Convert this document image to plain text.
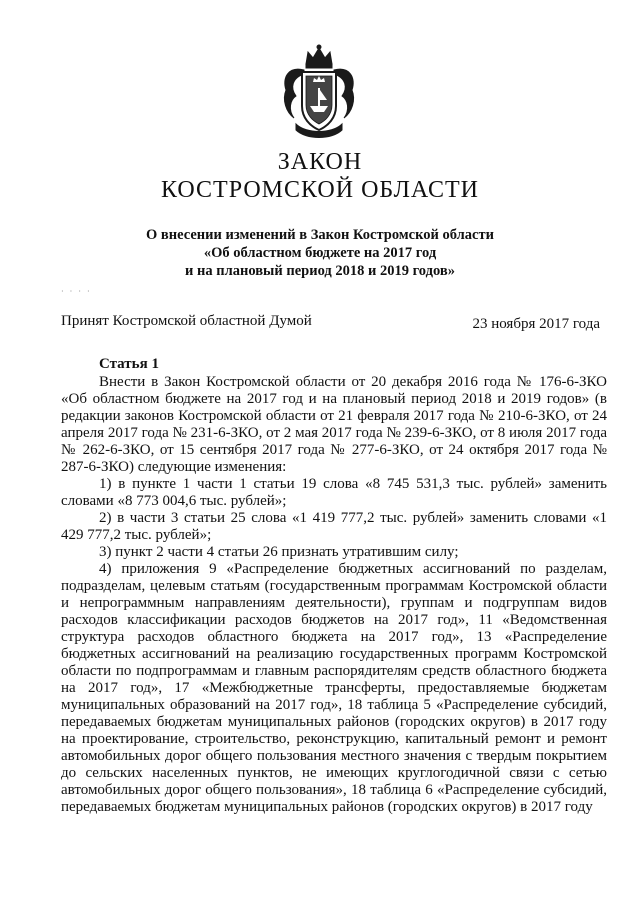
ЗАКОН
КОСТРОМСКОЙ ОБЛАСТИ
О внесении изменений в Закон Костромской области
«Об областном бюджете на 2017 год
и на плановый период 2018 и 2019 годов»
· · · ·
Принят Костромской областной Думой	23 ноября 2017 года
Статья 1

Внести в Закон Костромской области от 20 декабря 2016 года № 176-6-ЗКО «Об областном бюджете на 2017 год и на плановый период 2018 и 2019 годов» (в редакции законов Костромской области от 21 февраля 2017 года № 210-6-ЗКО, от 24 апреля 2017 года № 231-6-ЗКО, от 2 мая 2017 года № 239-6-ЗКО, от 8 июля 2017 года № 262-6-ЗКО, от 15 сентября 2017 года № 277-6-ЗКО, от 24 октября 2017 года № 287-6-ЗКО) следующие изменения:

1) в пункте 1 части 1 статьи 19 слова «8 745 531,3 тыс. рублей» заменить словами «8 773 004,6 тыс. рублей»;

2) в части 3 статьи 25 слова «1 419 777,2 тыс. рублей» заменить словами «1 429 777,2 тыс. рублей»;

3) пункт 2 части 4 статьи 26 признать утратившим силу;

4) приложения 9 «Распределение бюджетных ассигнований по разделам, подразделам, целевым статьям (государственным программам Костромской области и непрограммным направлениям деятельности), группам и подгруппам видов расходов классификации расходов бюджетов на 2017 год», 11 «Ведомственная структура расходов областного бюджета на 2017 год», 13 «Распределение бюджетных ассигнований на реализацию государственных программ Костромской области по подпрограммам и главным распорядителям средств областного бюджета на 2017 год», 17 «Межбюджетные трансферты, предоставляемые бюджетам муниципальных образований на 2017 год», 18 таблица 5 «Распределение субсидий, передаваемых бюджетам муниципальных районов (городских округов) в 2017 году на проектирование, строительство, реконструкцию, капитальный ремонт и ремонт автомобильных дорог общего пользования местного значения с твердым покрытием до сельских населенных пунктов, не имеющих круглогодичной связи с сетью автомобильных дорог общего пользования», 18 таблица 6 «Распределение субсидий, передаваемых бюджетам муниципальных районов (городских округов) в 2017 году
